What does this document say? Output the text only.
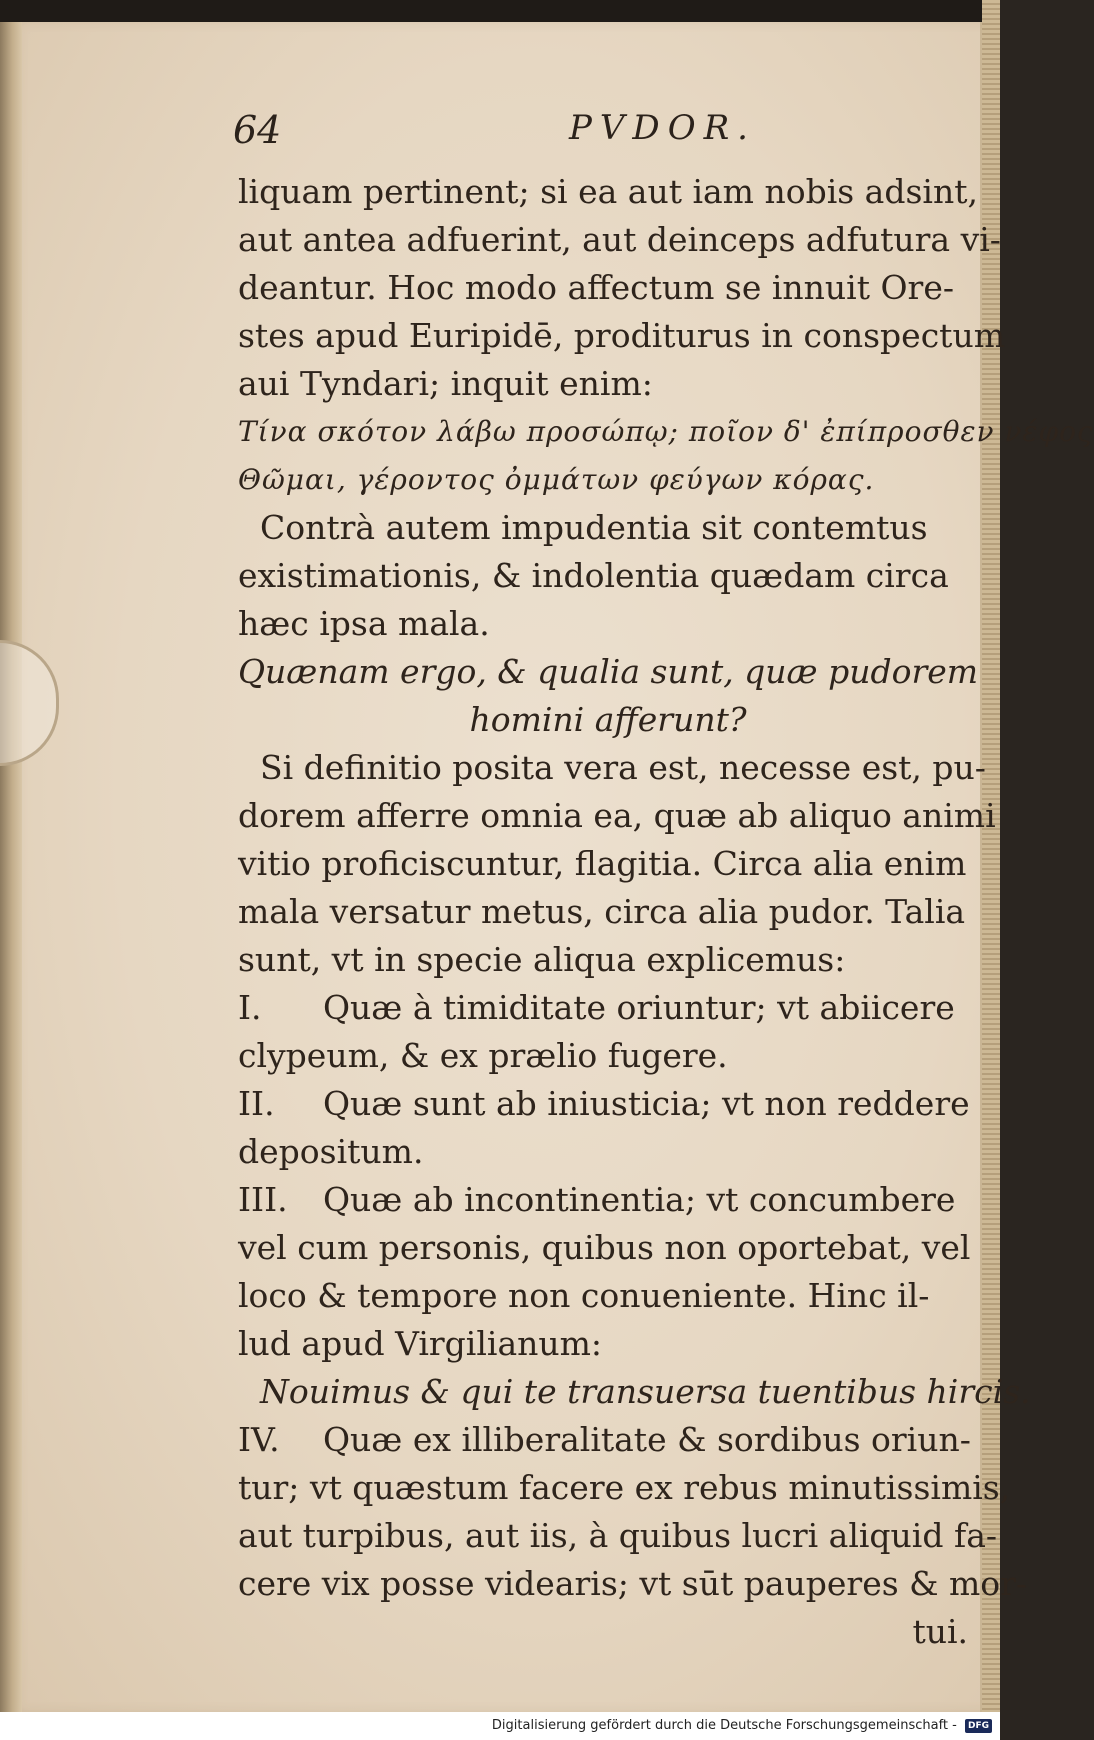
64	PVDOR.
liquam pertinent; si ea aut iam nobis adsint,
aut antea adfuerint, aut deinceps adfutura vi-
deantur. Hoc modo affectum se innuit Ore-
stes apud Euripidē, proditurus in conspectum
aui Tyndari; inquit enim:
Τίνα σκότον λάβω προσώπῳ; ποῖον δ' ἐπίπροσθεν νέφος
Θῶμαι, γέροντος ὀμμάτων φεύγων κόρας.
Contrà autem impudentia sit contemtus
existimationis, & indolentia quædam circa
hæc ipsa mala.
Quænam ergo, & qualia sunt, quæ pudorem
homini afferunt?
Si definitio posita vera est, necesse est, pu-
dorem afferre omnia ea, quæ ab aliquo animi
vitio proficiscuntur, flagitia. Circa alia enim
mala versatur metus, circa alia pudor. Talia
sunt, vt in specie aliqua explicemus:
I. Quæ à timiditate oriuntur; vt abiicere
clypeum, & ex prælio fugere.
II. Quæ sunt ab iniusticia; vt non reddere
depositum.
III. Quæ ab incontinentia; vt concumbere
vel cum personis, quibus non oportebat, vel
loco & tempore non conueniente. Hinc il-
lud apud Virgilianum:
Nouimus & qui te transuersa tuentibus hircis.
IV. Quæ ex illiberalitate & sordibus oriun-
tur; vt quæstum facere ex rebus minutissimis,
aut turpibus, aut iis, à quibus lucri aliquid fa-
cere vix posse videaris; vt sūt pauperes & mor-
tui.
Digitalisierung gefördert durch die Deutsche Forschungsgemeinschaft - DFG
